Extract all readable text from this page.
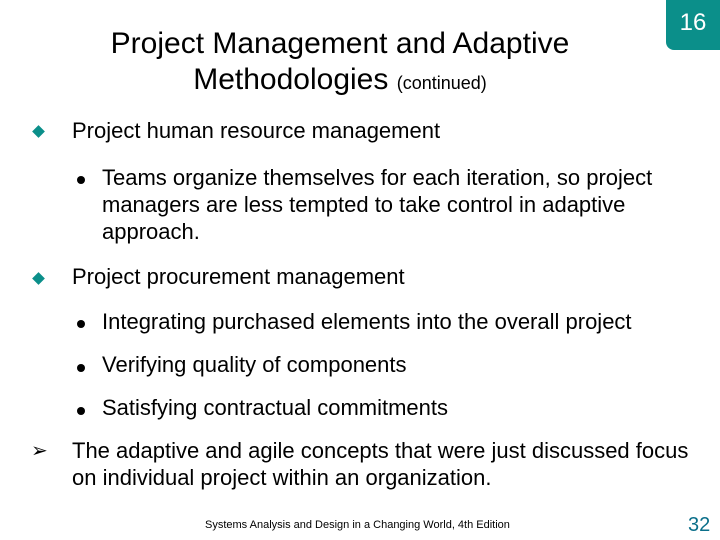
Project Management and Adaptive Methodologies (continued)
16
Project human resource management
Teams organize themselves for each iteration, so project managers are less tempted to take control in adaptive approach.
Project procurement management
Integrating purchased elements into the overall project
Verifying quality of components
Satisfying contractual commitments
➢ The adaptive and agile concepts that were just discussed focus on individual project within an organization.
Systems Analysis and Design in a Changing World, 4th Edition	32
